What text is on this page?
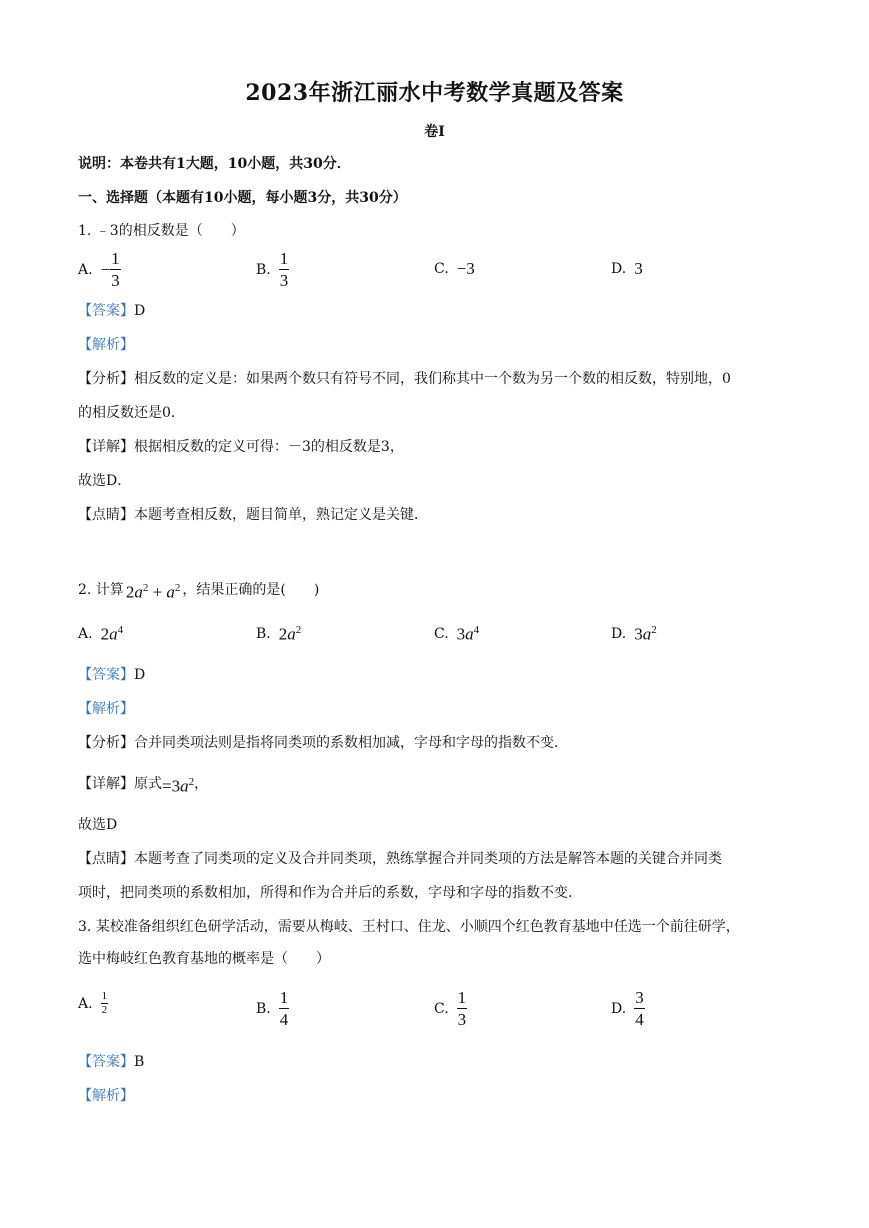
2023年浙江丽水中考数学真题及答案
卷I
说明：本卷共有1大题，10小题，共30分．
一、选择题（本题有10小题，每小题3分，共30分）
1. ﹣3的相反数是（　　）
A. − $\frac{1}{3}$	B. $\frac{1}{3}$	C. −3	D. 3
【答案】D
【解析】
【分析】相反数的定义是：如果两个数只有符号不同，我们称其中一个数为另一个数的相反数，特别地，0
的相反数还是0．
【详解】根据相反数的定义可得：－3的相反数是3，
故选D．
【点睛】本题考查相反数，题目简单，熟记定义是关键．
2. 计算 $2a^2 + a^2$ ，结果正确的是(　　)
A. $2a^4$	B. $2a^2$	C. $3a^4$	D. $3a^2$
【答案】D
【解析】
【分析】合并同类项法则是指将同类项的系数相加减，字母和字母的指数不变．
【详解】 原式 $=3a^2$ ，
故选D
【点睛】本题考查了同类项的定义及合并同类项，熟练掌握合并同类项的方法是解答本题的关键合并同类
项时，把同类项的系数相加，所得和作为合并后的系数，字母和字母的指数不变．
3. 某校准备组织红色研学活动，需要从梅岐、王村口、住龙、小顺四个红色教育基地中任选一个前往研学，
选中梅岐红色教育基地的概率是（　　）
A. $\frac{1}{2}$	B. $\frac{1}{4}$	C. $\frac{1}{3}$	D. $\frac{3}{4}$
【答案】B
【解析】
